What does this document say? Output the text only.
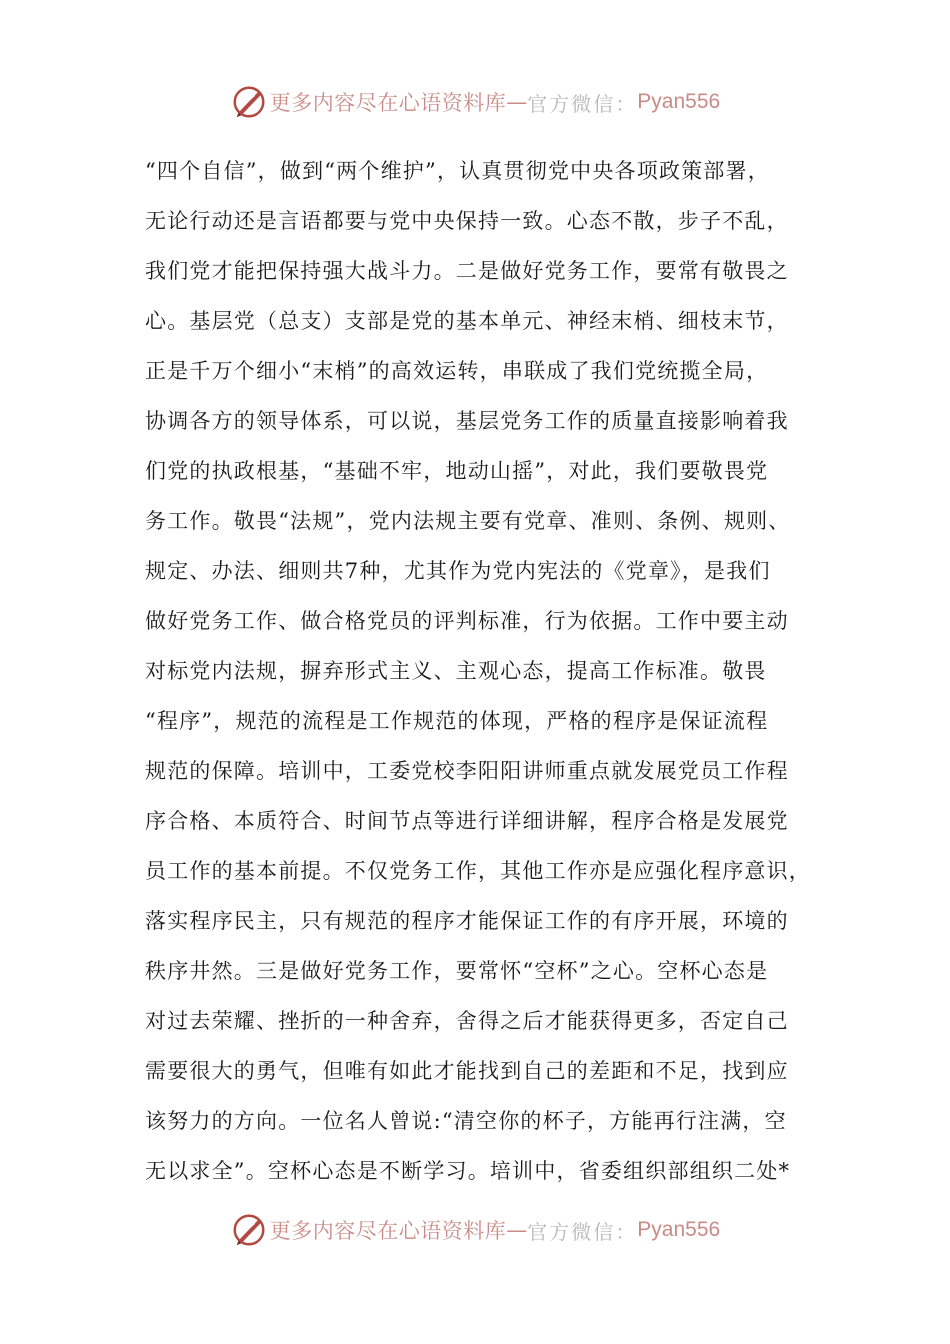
更多内容尽在心语资料库 — 官方微信： Pyan556
“四个自信”，做到“两个维护”，认真贯彻党中央各项政策部署，
无论行动还是言语都要与党中央保持一致。心态不散，步子不乱，
我们党才能把保持强大战斗力。二是做好党务工作，要常有敬畏之
心。基层党（总支）支部是党的基本单元、神经末梢、细枝末节，
正是千万个细小“末梢”的高效运转，串联成了我们党统揽全局，
协调各方的领导体系，可以说，基层党务工作的质量直接影响着我
们党的执政根基，“基础不牢，地动山摇”，对此，我们要敬畏党
务工作。敬畏“法规”，党内法规主要有党章、准则、条例、规则、
规定、办法、细则共7种，尤其作为党内宪法的《党章》，是我们
做好党务工作、做合格党员的评判标准，行为依据。工作中要主动
对标党内法规，摒弃形式主义、主观心态，提高工作标准。敬畏
“程序”，规范的流程是工作规范的体现，严格的程序是保证流程
规范的保障。培训中，工委党校李阳阳讲师重点就发展党员工作程
序合格、本质符合、时间节点等进行详细讲解，程序合格是发展党
员工作的基本前提。不仅党务工作，其他工作亦是应强化程序意识，
落实程序民主，只有规范的程序才能保证工作的有序开展，环境的
秩序井然。三是做好党务工作，要常怀“空杯”之心。空杯心态是
对过去荣耀、挫折的一种舍弃，舍得之后才能获得更多，否定自己
需要很大的勇气，但唯有如此才能找到自己的差距和不足，找到应
该努力的方向。一位名人曾说:“清空你的杯子，方能再行注满，空
无以求全”。空杯心态是不断学习。培训中，省委组织部组织二处*
更多内容尽在心语资料库 — 官方微信： Pyan556
